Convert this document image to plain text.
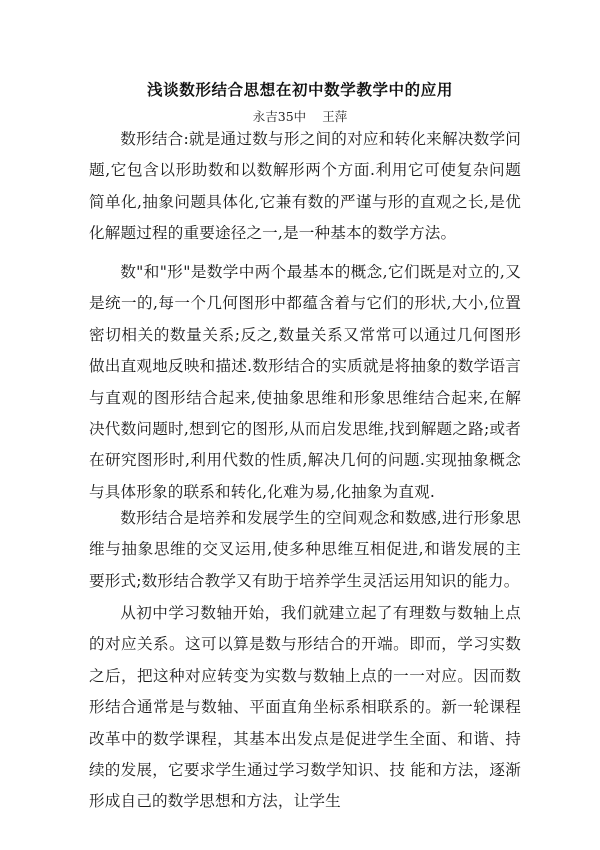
浅谈数形结合思想在初中数学教学中的应用

永吉35中 王萍

数形结合:就是通过数与形之间的对应和转化来解决数学问题,它包含以形助数和以数解形两个方面.利用它可使复杂问题简单化,抽象问题具体化,它兼有数的严谨与形的直观之长,是优化解题过程的重要途径之一,是一种基本的数学方法。

数"和"形"是数学中两个最基本的概念,它们既是对立的,又是统一的,每一个几何图形中都蕴含着与它们的形状,大小,位置密切相关的数量关系;反之,数量关系又常常可以通过几何图形做出直观地反映和描述.数形结合的实质就是将抽象的数学语言与直观的图形结合起来,使抽象思维和形象思维结合起来,在解决代数问题时,想到它的图形,从而启发思维,找到解题之路;或者在研究图形时,利用代数的性质,解决几何的问题.实现抽象概念与具体形象的联系和转化,化难为易,化抽象为直观.

数形结合是培养和发展学生的空间观念和数感,进行形象思维与抽象思维的交叉运用,使多种思维互相促进,和谐发展的主要形式;数形结合教学又有助于培养学生灵活运用知识的能力。

从初中学习数轴开始，我们就建立起了有理数与数轴上点的对应关系。这可以算是数与形结合的开端。即而，学习实数之后，把这种对应转变为实数与数轴上点的一一对应。因而数形结合通常是与数轴、平面直角坐标系相联系的。新一轮课程改革中的数学课程，其基本出发点是促进学生全面、和谐、持续的发展，它要求学生通过学习数学知识、技 能和方法，逐渐形成自己的数学思想和方法，让学生
